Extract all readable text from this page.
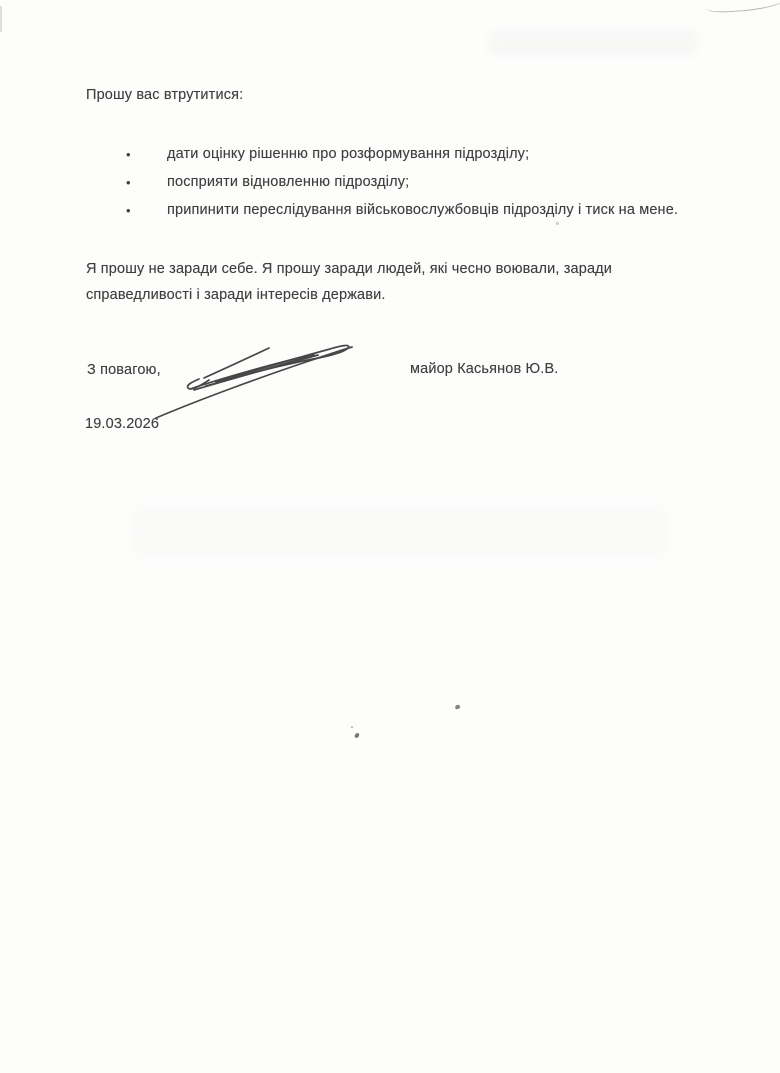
Прошу вас втрутитися:
•	дати оцінку рішенню про розформування підрозділу;
•	посприяти відновленню підрозділу;
•	припинити переслідування військовослужбовців підрозділу і тиск на мене.
Я прошу не заради себе. Я прошу заради людей, які чесно воювали, заради справедливості і заради інтересів держави.
З повагою,	майор Касьянов Ю.В.
19.03.2026
